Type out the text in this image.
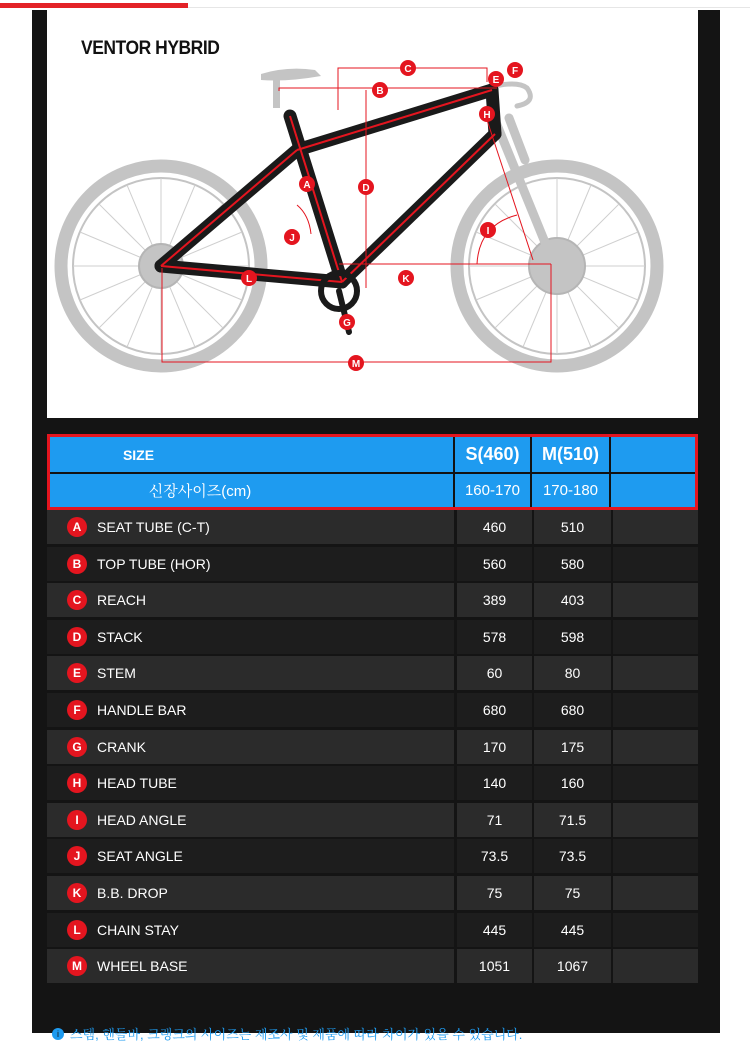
VENTOR HYBRID
A
B
C
D
E
F
G
H
I
J
K
L
M
SIZE	S(460)	M(510)
신장사이즈(cm)	160-170	170-180
A	SEAT TUBE (C-T)	460	510
B	TOP TUBE (HOR)	560	580
C	REACH	389	403
D	STACK	578	598
E	STEM	60	80
F	HANDLE BAR	680	680
G	CRANK	170	175
H	HEAD TUBE	140	160
I	HEAD ANGLE	71	71.5
J	SEAT ANGLE	73.5	73.5
K	B.B. DROP	75	75
L	CHAIN STAY	445	445
M	WHEEL BASE	1051	1067
i 스템, 핸들바, 크랭크의 사이즈는 제조사 및 제품에 따라 차이가 있을 수 있습니다.
